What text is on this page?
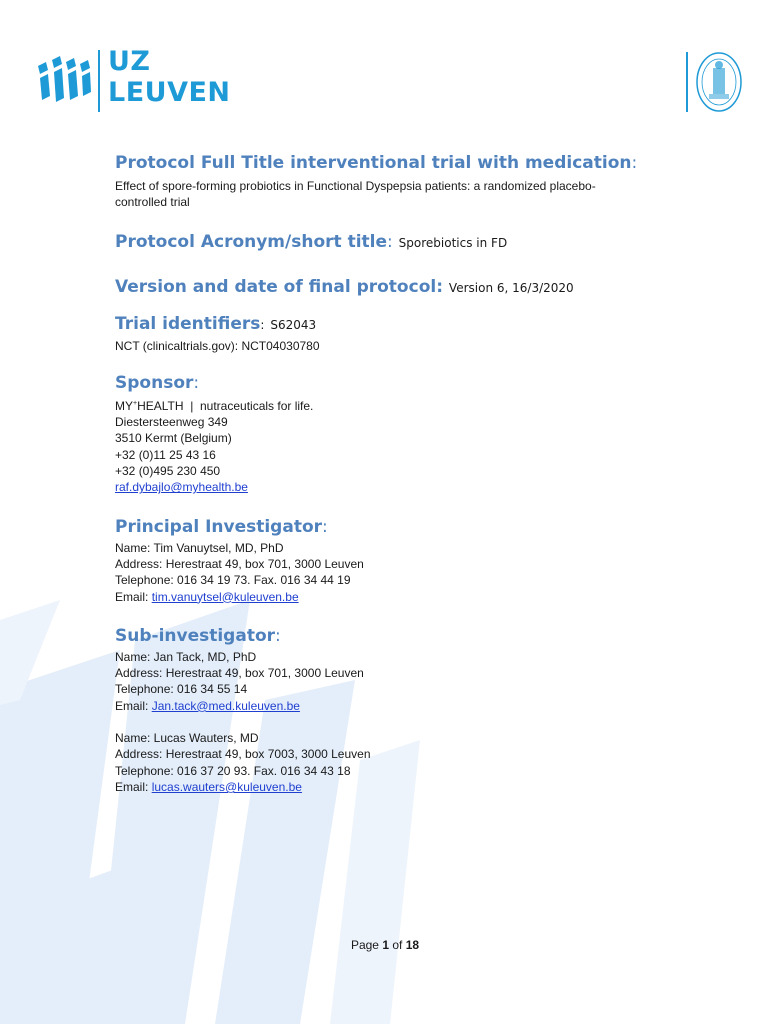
UZ
LEUVEN
Protocol Full Title interventional trial with medication:
Effect of spore-forming probiotics in Functional Dyspepsia patients: a randomized placebo-
controlled trial
Protocol Acronym/short title: Sporebiotics in FD
Version and date of final protocol: Version 6, 16/3/2020
Trial identifiers: S62043
NCT (clinicaltrials.gov): NCT04030780
Sponsor:
MY+HEALTH  |  nutraceuticals for life.
Diestersteenweg 349
3510 Kermt (Belgium)
+32 (0)11 25 43 16
+32 (0)495 230 450
raf.dybajlo@myhealth.be
Principal Investigator:
Name: Tim Vanuytsel, MD, PhD
Address: Herestraat 49, box 701, 3000 Leuven
Telephone: 016 34 19 73. Fax. 016 34 44 19
Email: tim.vanuytsel@kuleuven.be
Sub-investigator:
Name: Jan Tack, MD, PhD
Address: Herestraat 49, box 701, 3000 Leuven
Telephone: 016 34 55 14
Email: Jan.tack@med.kuleuven.be
Name: Lucas Wauters, MD
Address: Herestraat 49, box 7003, 3000 Leuven
Telephone: 016 37 20 93. Fax. 016 34 43 18
Email: lucas.wauters@kuleuven.be
Page 1 of 18
